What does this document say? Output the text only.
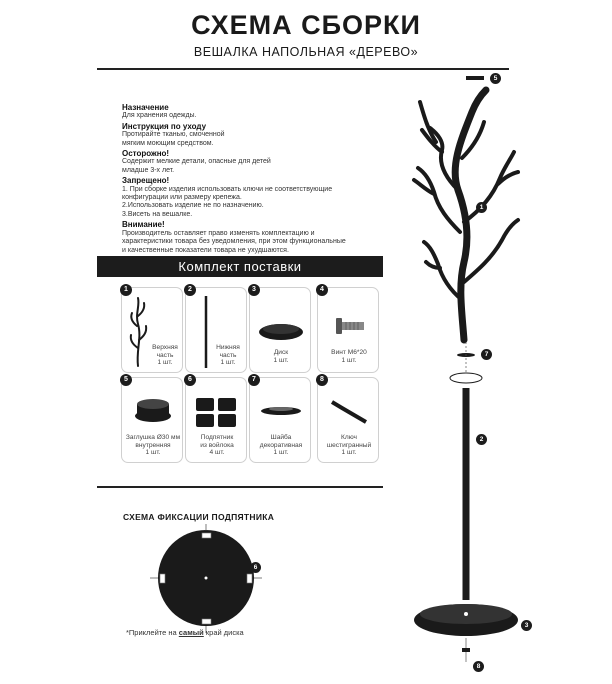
СХЕМА СБОРКИ
ВЕШАЛКА НАПОЛЬНАЯ «ДЕРЕВО»
Назначение
Для хранения одежды.
Инструкция по уходу
Протирайте тканью, смоченной
мягким моющим средством.
Осторожно!
Содержит мелкие детали, опасные для детей
младше 3-х лет.
Запрещено!
1. При сборке изделия использовать ключи не соответствующие
конфигурации или размеру крепежа.
2.Использовать изделие не по назначению.
3.Висеть на вешалке.
Внимание!
Производитель оставляет право изменять комплектацию и
характеристики товара без уведомления, при этом функциональные
и качественные показатели товара не ухудшаются.
Комплект поставки
1
Верхняя
часть
1 шт.
2
Нижняя
часть
1 шт.
3
Диск
1 шт.
4
Винт М6*20
1 шт.
5
Заглушка Ø30 мм
внутренняя
1 шт.
6
Подпятник
из войлока
4 шт.
7
Шайба
декоративная
1 шт.
8
Ключ
шестигранный
1 шт.
СХЕМА ФИКСАЦИИ ПОДПЯТНИКА
6
*Приклейте на самый край диска
5
1
7
2
3
8
